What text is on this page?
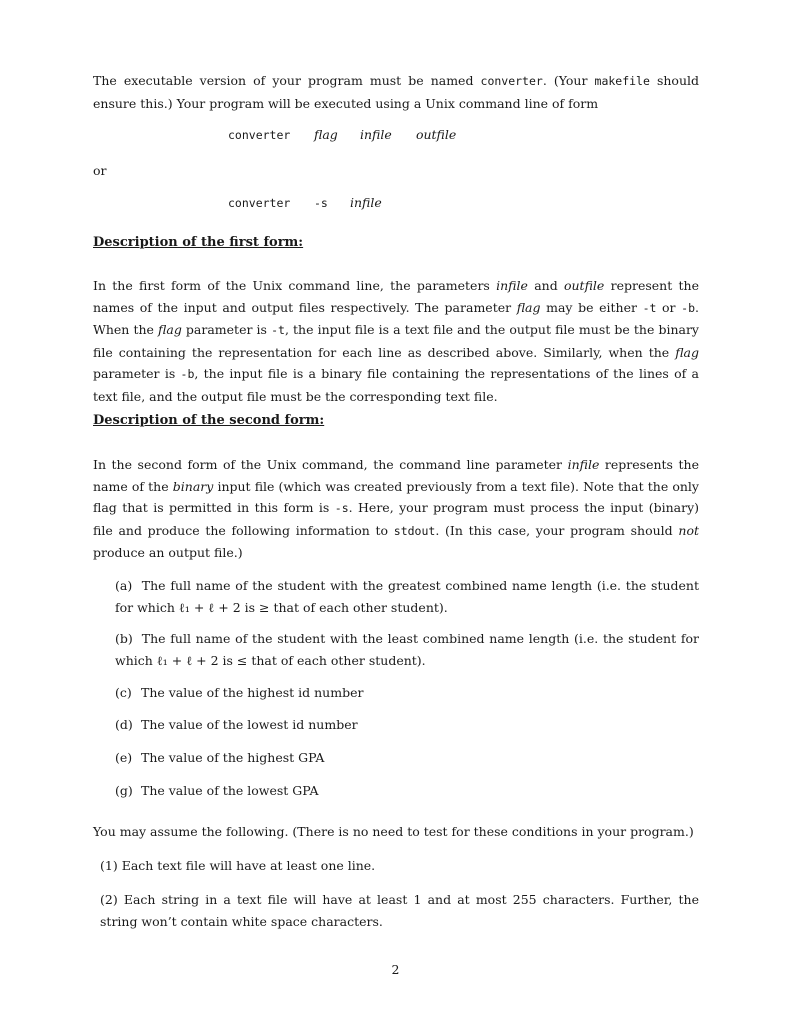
The executable version of your program must be named converter. (Your makefile should ensure this.) Your program will be executed using a Unix command line of form

converter flag infile outfile

or

converter -s infile
Description of the first form:

In the first form of the Unix command line, the parameters infile and outfile represent the names of the input and output files respectively. The parameter flag may be either -t or -b. When the flag parameter is -t, the input file is a text file and the output file must be the binary file containing the representation for each line as described above. Similarly, when the flag parameter is -b, the input file is a binary file containing the representations of the lines of a text file, and the output file must be the corresponding text file.

Description of the second form:

In the second form of the Unix command, the command line parameter infile represents the name of the binary input file (which was created previously from a text file). Note that the only flag that is permitted in this form is -s. Here, your program must process the input (binary) file and produce the following information to stdout. (In this case, your program should not produce an output file.)

(a) The full name of the student with the greatest combined name length (i.e. the student for which ℓ₁ + ℓ + 2 is ≥ that of each other student).

(b) The full name of the student with the least combined name length (i.e. the student for which ℓ₁ + ℓ + 2 is ≤ that of each other student).

(c) The value of the highest id number

(d) The value of the lowest id number

(e) The value of the highest GPA

(g) The value of the lowest GPA

You may assume the following. (There is no need to test for these conditions in your program.)

(1) Each text file will have at least one line.

(2) Each string in a text file will have at least 1 and at most 255 characters. Further, the string won’t contain white space characters.

2
